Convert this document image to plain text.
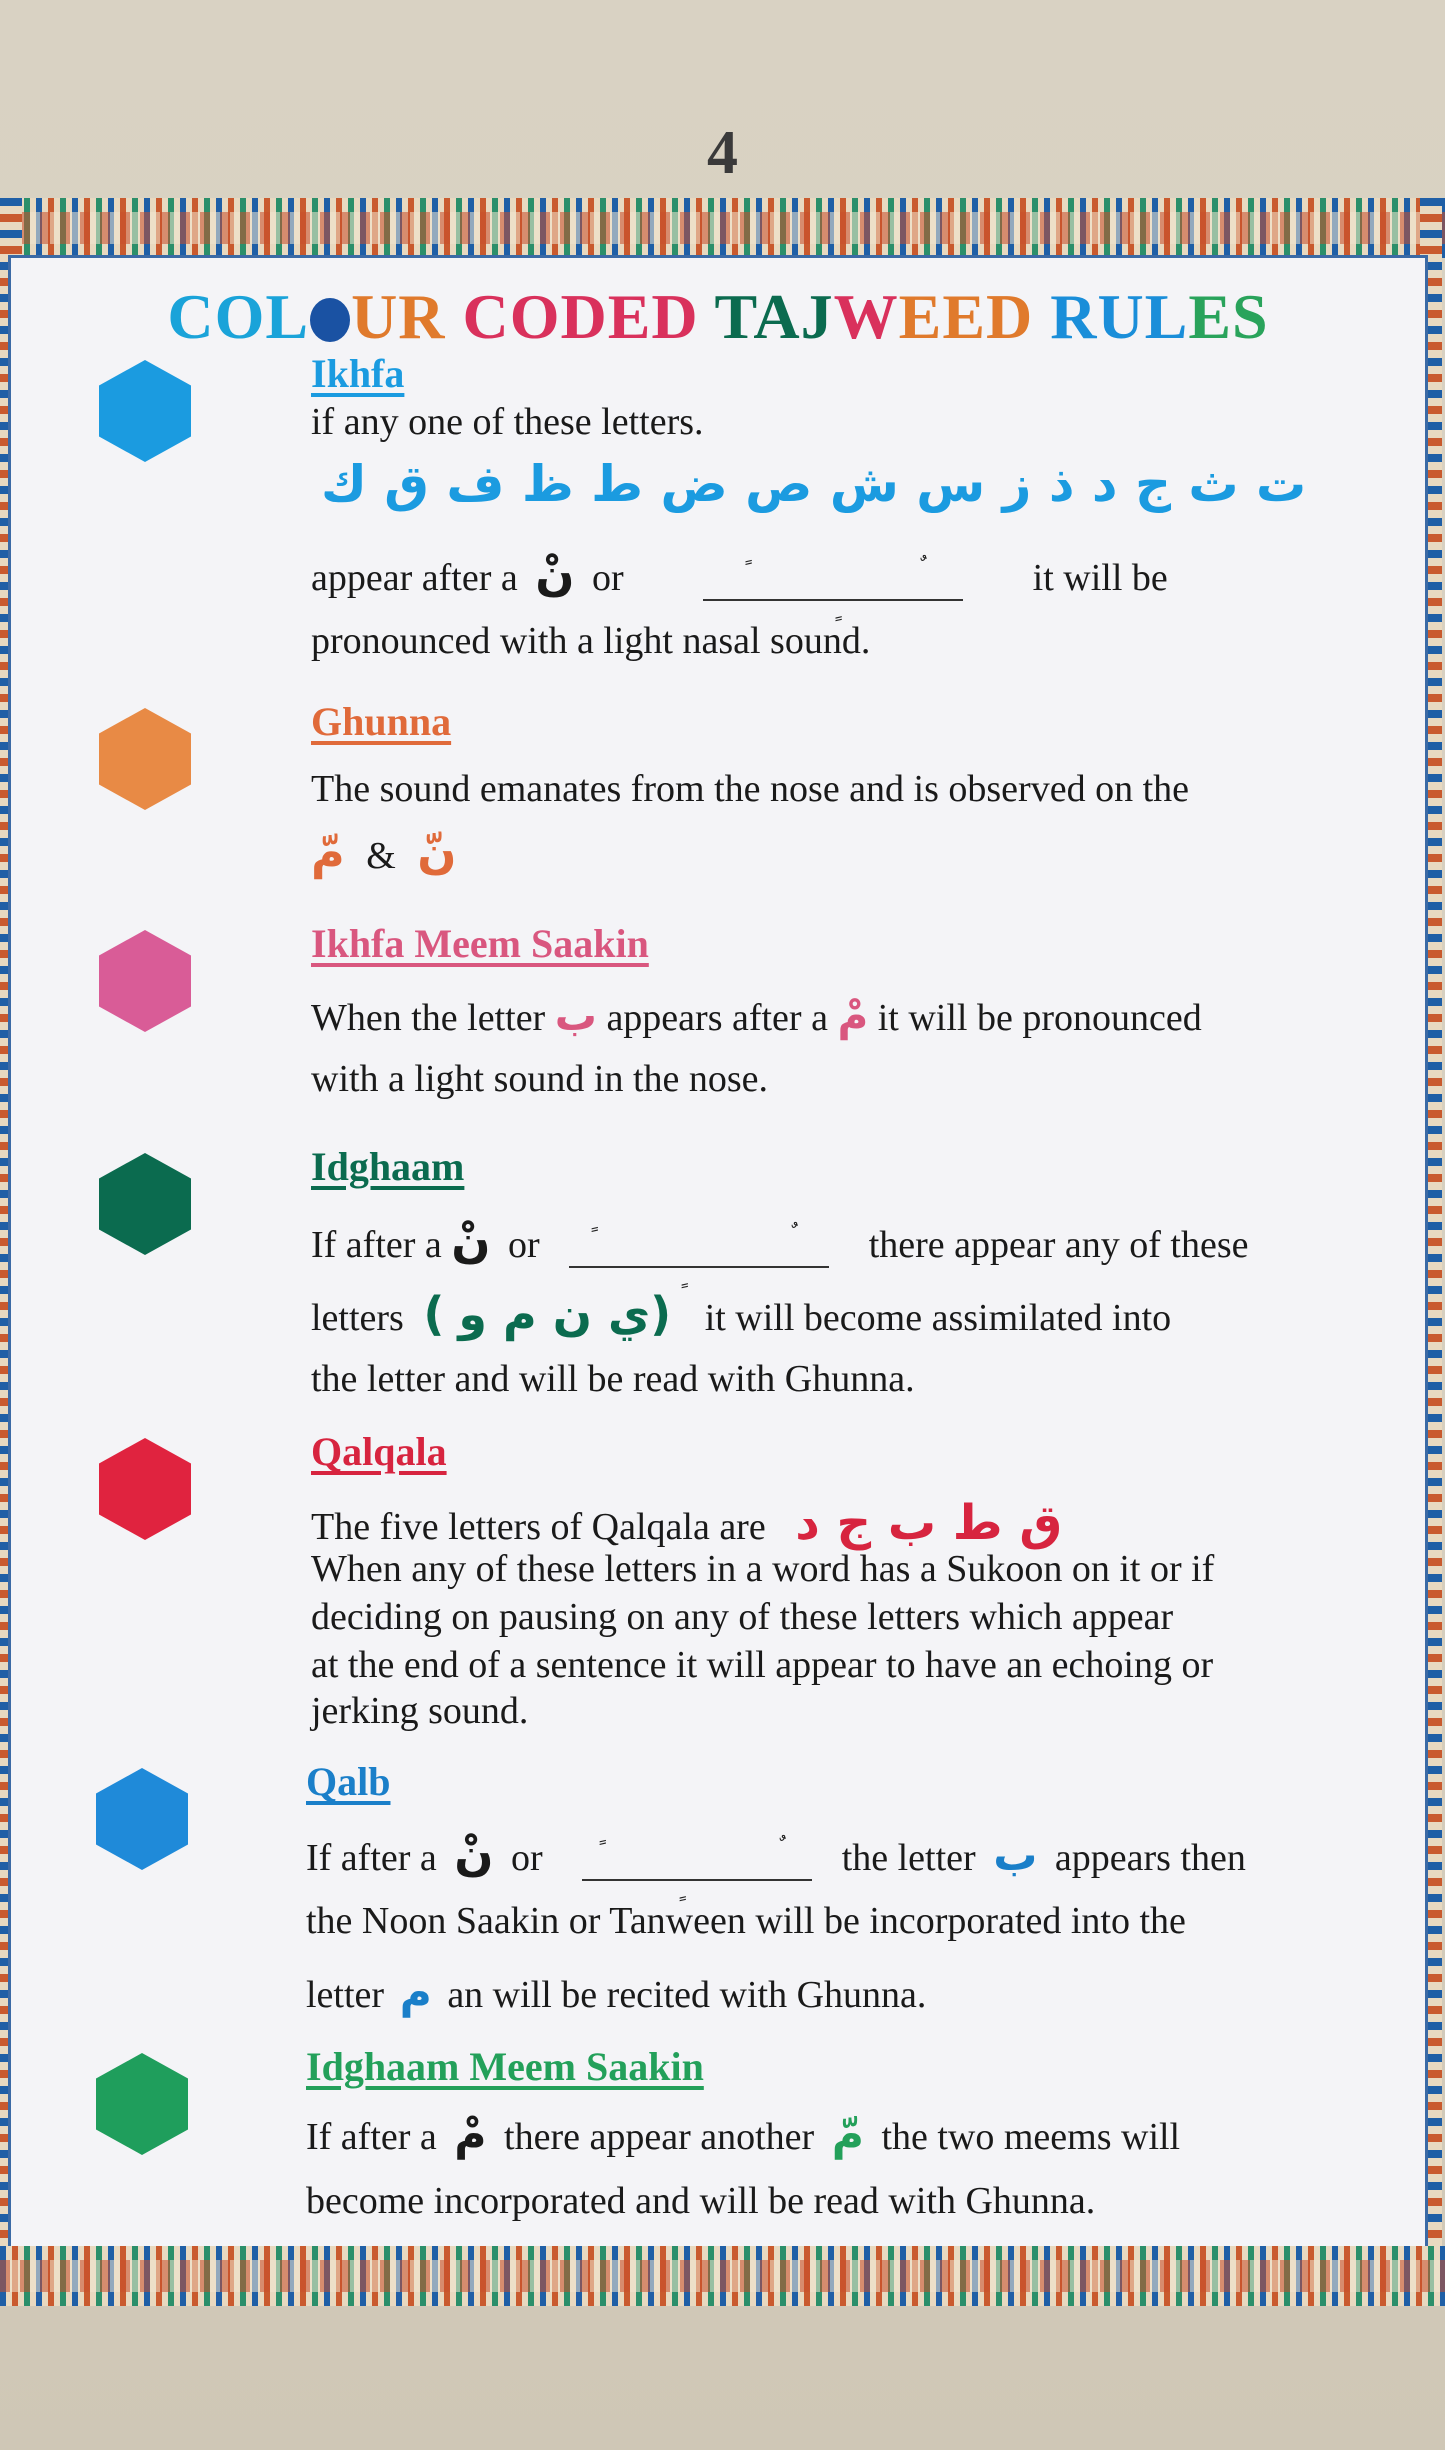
4
COL UR CODED TAJWEED RULES
Ikhfa
if any one of these letters.
ت ث ج د ذ ز س ش ص ض ط ظ ف ق ك
appear after a نْ or	it will be
pronounced with a light nasal sound.
Ghunna
The sound emanates from the nose and is observed on the
نّ & مّ
Ikhfa Meem Saakin
When the letter ب appears after a مْ it will be pronounced
with a light sound in the nose.
Idghaam
If after a نْ or	there appear any of these
letters (ي ن م و) it will become assimilated into
the letter and will be read with Ghunna.
Qalqala
The five letters of Qalqala are ق ط ب ج د
When any of these letters in a word has a Sukoon on it or if
deciding on pausing on any of these letters which appear
at the end of a sentence it will appear to have an echoing or
jerking sound.
Qalb
If after a نْ or	the letter ب appears then
the Noon Saakin or Tanween will be incorporated into the
letter م an will be recited with Ghunna.
Idghaam Meem Saakin
If after a مْ there appear another مّ the two meems will
become incorporated and will be read with Ghunna.
